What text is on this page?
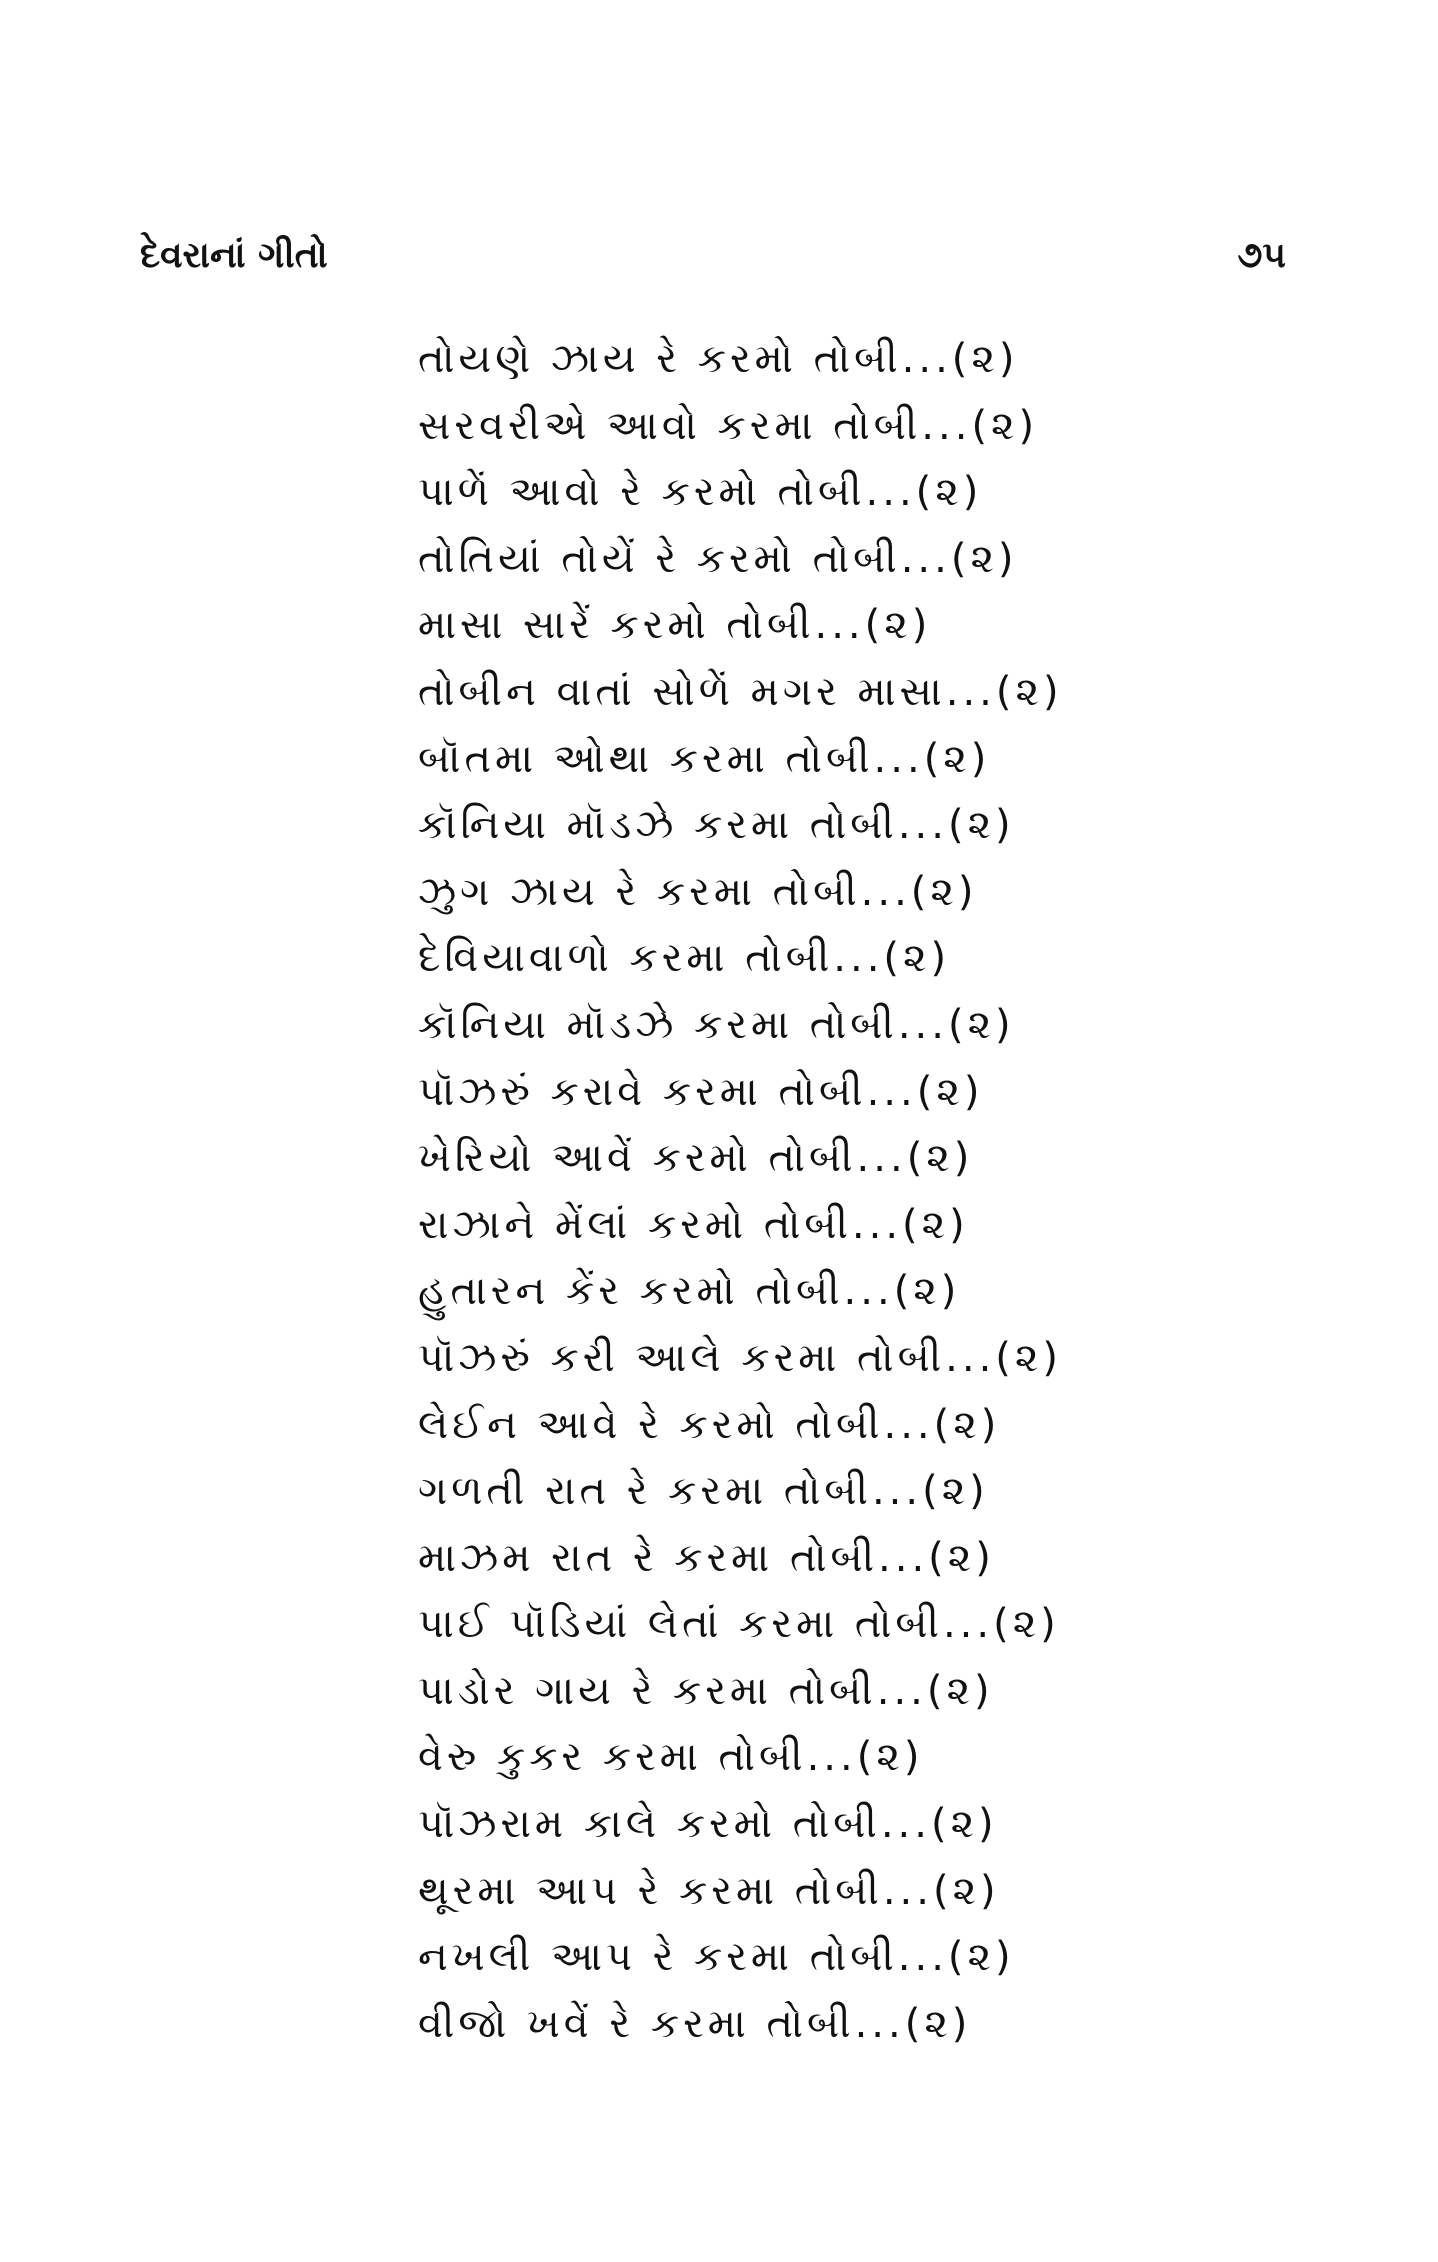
દેવરાનાં ગીતો	૭૫
તોયણે ઝાય રે કરમો તોબી...(૨)
સરવરીએ આવો કરમા તોબી...(૨)
પાળેં આવો રે કરમો તોબી...(૨)
તોતિયાં તોયેં રે કરમો તોબી...(૨)
માસા સારેં કરમો તોબી...(૨)
તોબીન વાતાં સોળેં મગર માસા...(૨)
બૉતમા ઓથા કરમા તોબી...(૨)
કૉનિયા મૉડઝે કરમા તોબી...(૨)
ઝુગ ઝાય રે કરમા તોબી...(૨)
દેવિયાવાળો કરમા તોબી...(૨)
કૉનિયા મૉડઝે કરમા તોબી...(૨)
પૉઝરું કરાવે કરમા તોબી...(૨)
ખેરિયો આવેં કરમો તોબી...(૨)
રાઝાને મેંલાં કરમો તોબી...(૨)
હુતારન કેંર કરમો તોબી...(૨)
પૉઝરું કરી આલે કરમા તોબી...(૨)
લેઈન આવે રે કરમો તોબી...(૨)
ગળતી રાત રે કરમા તોબી...(૨)
માઝમ રાત રે કરમા તોબી...(૨)
પાઈ પૉડિયાં લેતાં કરમા તોબી...(૨)
પાડોર ગાય રે કરમા તોબી...(૨)
વેરુ કુકર કરમા તોબી...(૨)
પૉઝરામ કાલે કરમો તોબી...(૨)
થૂરમા આપ રે કરમા તોબી...(૨)
નખલી આપ રે કરમા તોબી...(૨)
વીજો ખવેં રે કરમા તોબી...(૨)
